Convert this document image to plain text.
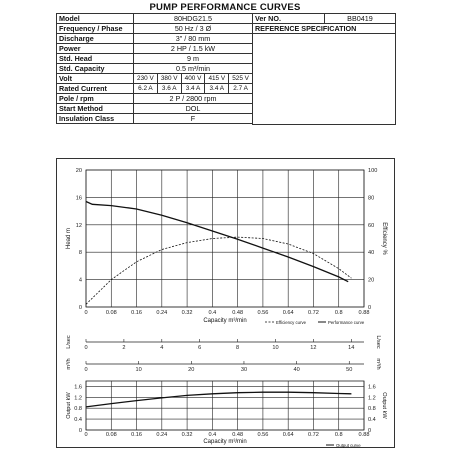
PUMP PERFORMANCE CURVES
Model	80HDG21.5					Ver NO.	BB0419
Frequency / Phase	50 Hz / 3 Ø					REFERENCE SPECIFICATION	
Discharge	3" / 80 mm						
Power	2 HP / 1.5 kW						
Std. Head	9 m						
Std. Capacity	0.5 m³/min						
Volt	230 V	380 V	400 V	415 V	525 V		
Rated Current	6.2 A	3.6 A	3.4 A	3.4 A	2.7 A		
Pole / rpm	2 P / 2800 rpm						
Start Method	DOL						
Insulation Class	F						

0	0.08	0.16	0.24	0.32	0.4	0.48	0.56	0.64	0.72	0.8	0.88
0
4
8
12
16
20
0
20
40
60
80
100
Capacity m³/min
Head m	Efficiency %
Efficiency curve	Performance curve
0	2	4	6	8	10	12	14
L/sec	L/sec
0	10	20	30	40	50
m³/h	m³/h
0	0.08	0.16	0.24	0.32	0.4	0.48	0.56	0.64	0.72	0.8	0.88
0
0.4
0.8
1.2
1.6
0
0.4
0.8
1.2
1.6
Capacity m³/min
Output kW	Output kW
Output curve
